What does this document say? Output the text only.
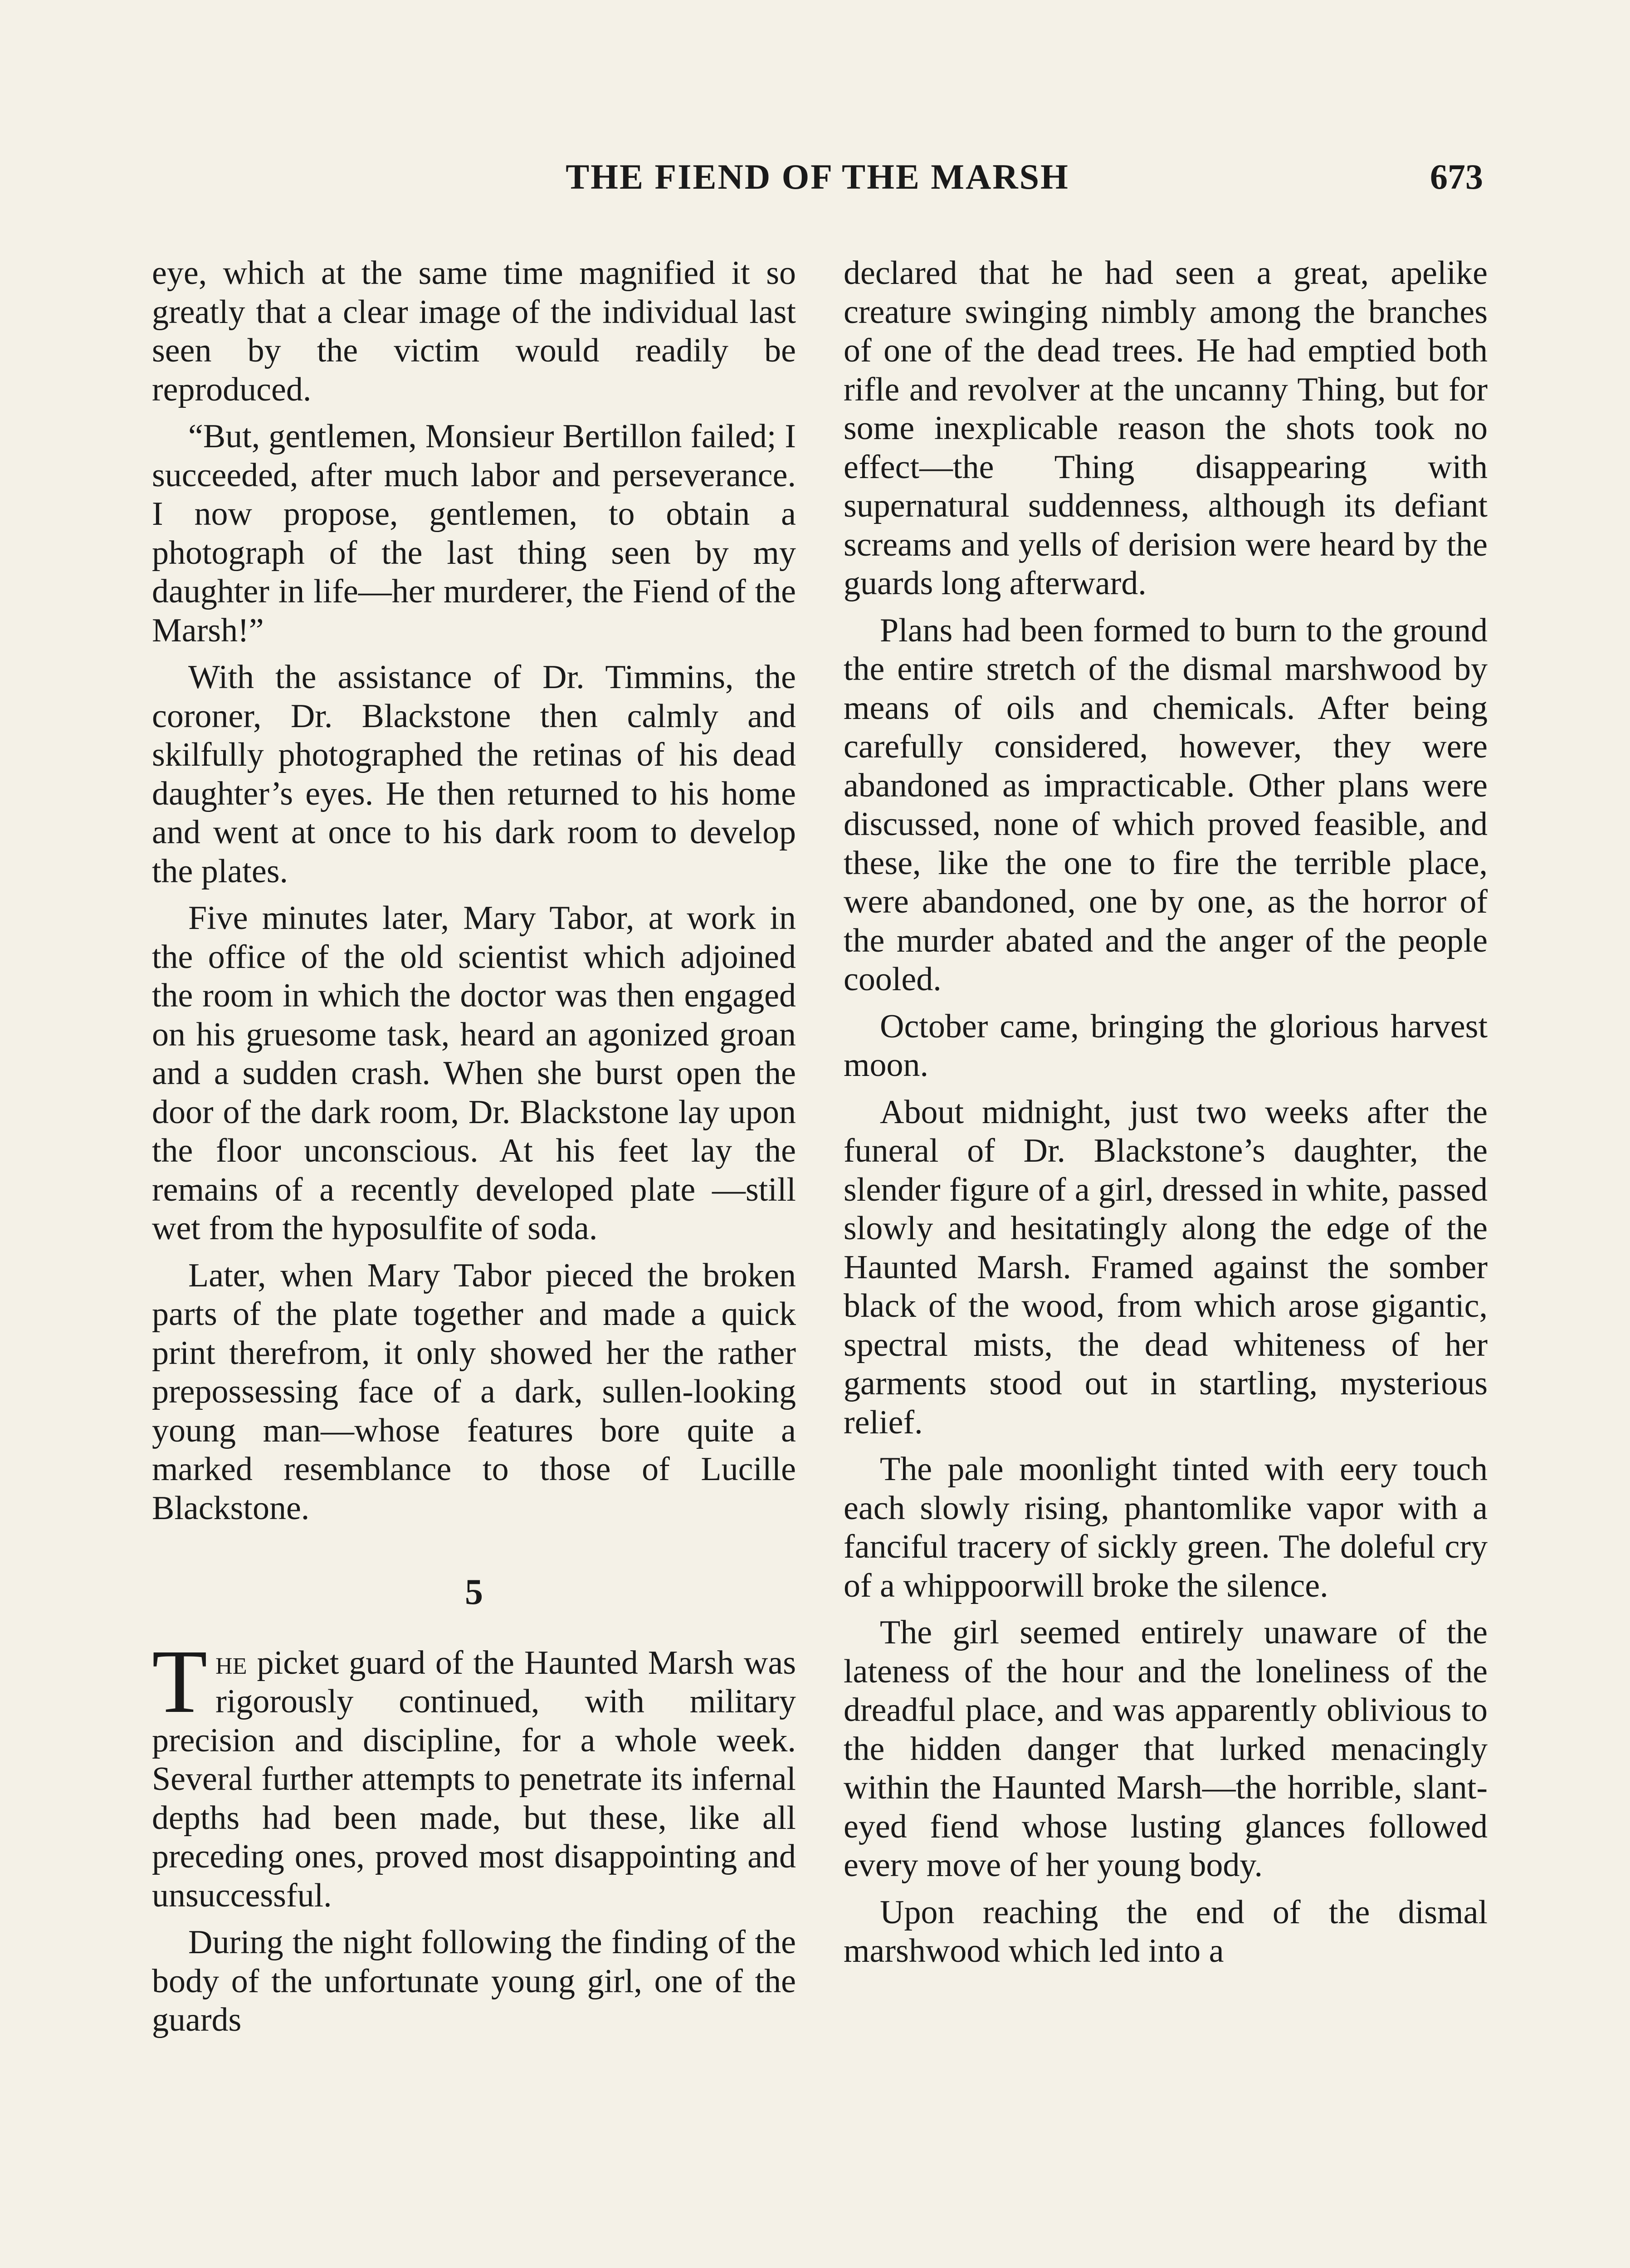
THE FIEND OF THE MARSH	673

eye, which at the same time magnified it so greatly that a clear image of the individual last seen by the victim would readily be reproduced.

“But, gentlemen, Monsieur Bertillon failed; I succeeded, after much labor and perseverance. I now propose, gentlemen, to obtain a photograph of the last thing seen by my daughter in life—her murderer, the Fiend of the Marsh!”

With the assistance of Dr. Timmins, the coroner, Dr. Blackstone then calmly and skilfully photographed the retinas of his dead daughter’s eyes. He then returned to his home and went at once to his dark room to develop the plates.

Five minutes later, Mary Tabor, at work in the office of the old scientist which adjoined the room in which the doctor was then engaged on his gruesome task, heard an agonized groan and a sudden crash. When she burst open the door of the dark room, Dr. Blackstone lay upon the floor unconscious. At his feet lay the remains of a recently developed plate —still wet from the hyposulfite of soda.

Later, when Mary Tabor pieced the broken parts of the plate together and made a quick print therefrom, it only showed her the rather prepossessing face of a dark, sullen-looking young man—whose features bore quite a marked resemblance to those of Lucille Blackstone.

5

The picket guard of the Haunted Marsh was rigorously continued, with military precision and discipline, for a whole week. Several further attempts to penetrate its infernal depths had been made, but these, like all preceding ones, proved most disappointing and unsuccessful.

During the night following the finding of the body of the unfortunate young girl, one of the guards

declared that he had seen a great, apelike creature swinging nimbly among the branches of one of the dead trees. He had emptied both rifle and revolver at the uncanny Thing, but for some inexplicable reason the shots took no effect—the Thing disappearing with supernatural suddenness, although its defiant screams and yells of derision were heard by the guards long afterward.

Plans had been formed to burn to the ground the entire stretch of the dismal marshwood by means of oils and chemicals. After being carefully considered, however, they were abandoned as impracticable. Other plans were discussed, none of which proved feasible, and these, like the one to fire the terrible place, were abandoned, one by one, as the horror of the murder abated and the anger of the people cooled.

October came, bringing the glorious harvest moon.

About midnight, just two weeks after the funeral of Dr. Blackstone’s daughter, the slender figure of a girl, dressed in white, passed slowly and hesitatingly along the edge of the Haunted Marsh. Framed against the somber black of the wood, from which arose gigantic, spectral mists, the dead whiteness of her garments stood out in startling, mysterious relief.

The pale moonlight tinted with eery touch each slowly rising, phantomlike vapor with a fanciful tracery of sickly green. The doleful cry of a whippoorwill broke the silence.

The girl seemed entirely unaware of the lateness of the hour and the loneliness of the dreadful place, and was apparently oblivious to the hidden danger that lurked menacingly within the Haunted Marsh—the horrible, slant-eyed fiend whose lusting glances followed every move of her young body.

Upon reaching the end of the dismal marshwood which led into a
